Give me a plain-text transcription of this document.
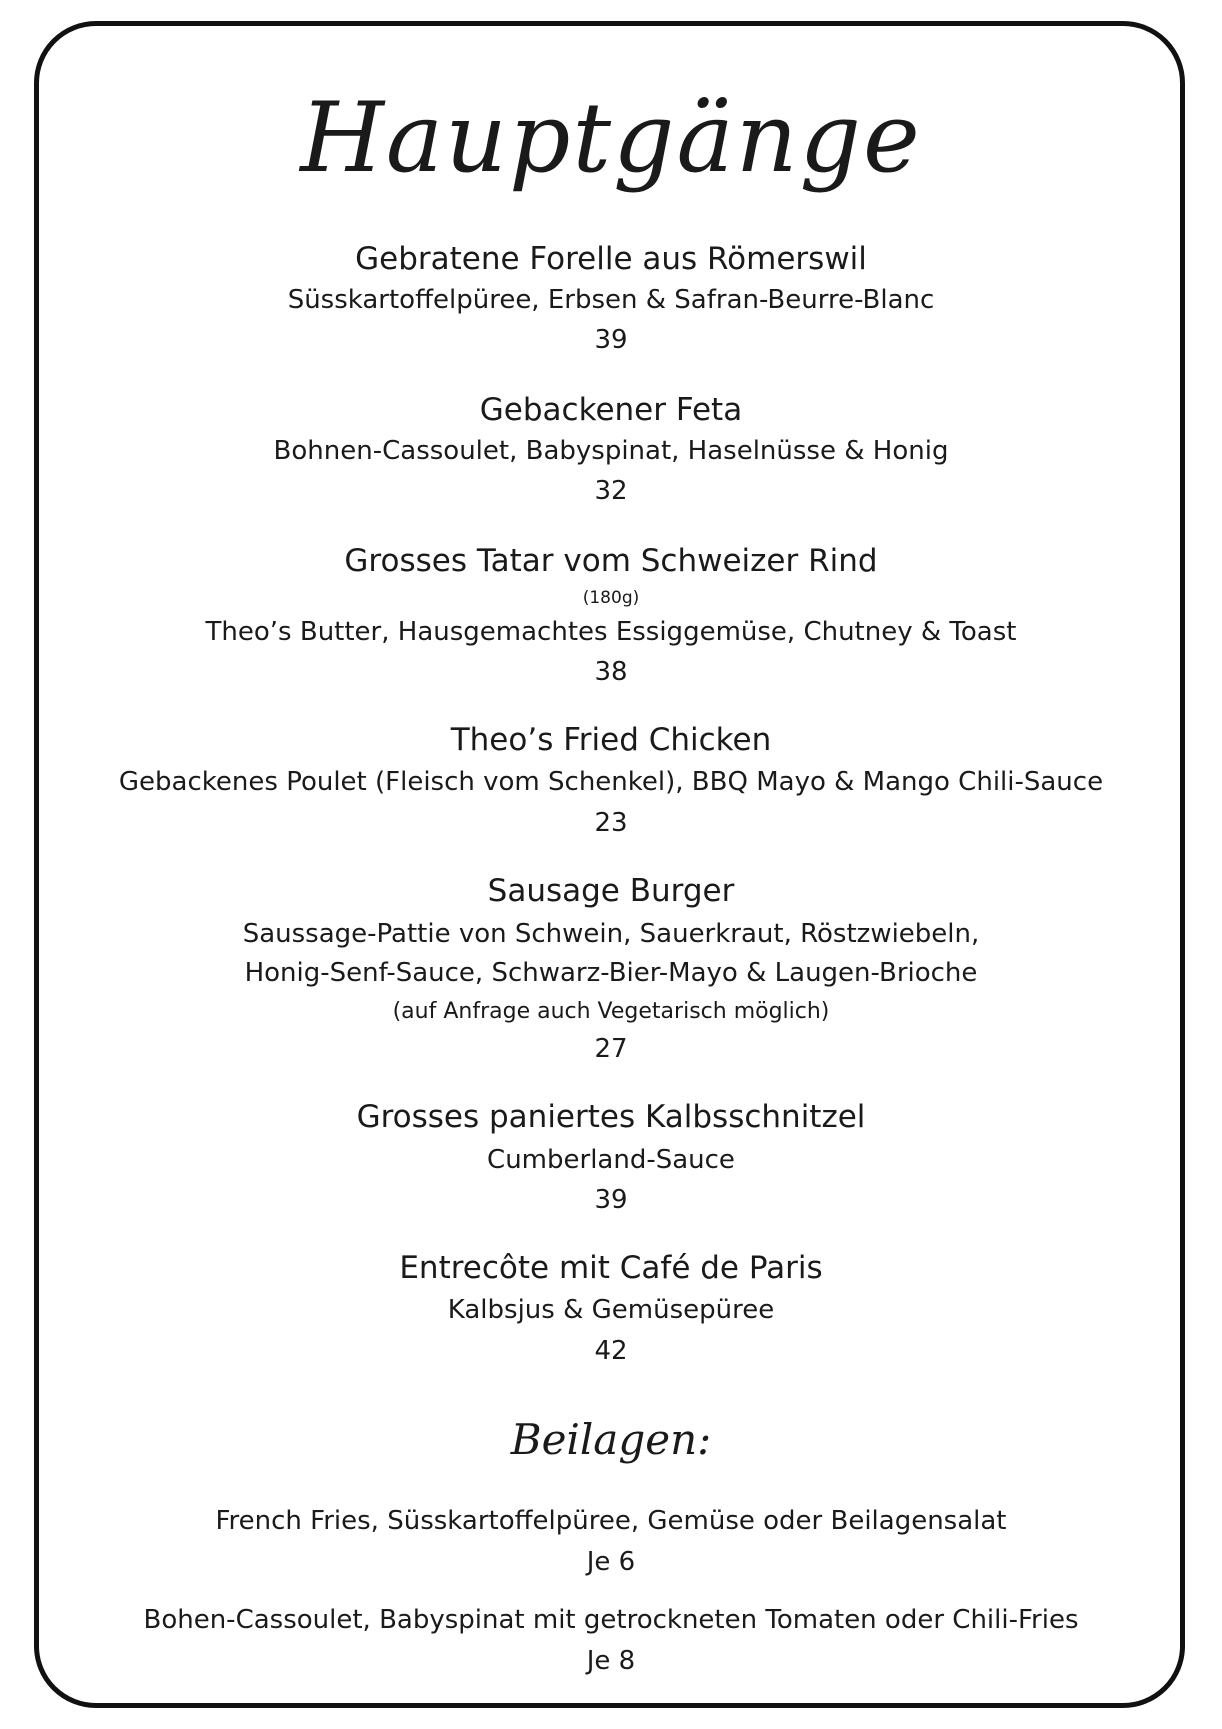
Hauptgänge
Gebratene Forelle aus Römerswil
Süsskartoffelpüree, Erbsen & Safran-Beurre-Blanc
39
Gebackener Feta
Bohnen-Cassoulet, Babyspinat, Haselnüsse & Honig
32
Grosses Tatar vom Schweizer Rind
(180g)
Theo’s Butter, Hausgemachtes Essiggemüse, Chutney & Toast
38
Theo’s Fried Chicken
Gebackenes Poulet (Fleisch vom Schenkel), BBQ Mayo & Mango Chili-Sauce
23
Sausage Burger
Saussage-Pattie von Schwein, Sauerkraut, Röstzwiebeln,
Honig-Senf-Sauce, Schwarz-Bier-Mayo & Laugen-Brioche
(auf Anfrage auch Vegetarisch möglich)
27
Grosses paniertes Kalbsschnitzel
Cumberland-Sauce
39
Entrecôte mit Café de Paris
Kalbsjus & Gemüsepüree
42
Beilagen:
French Fries, Süsskartoffelpüree, Gemüse oder Beilagensalat
Je 6
Bohen-Cassoulet, Babyspinat mit getrockneten Tomaten oder Chili-Fries
Je 8
